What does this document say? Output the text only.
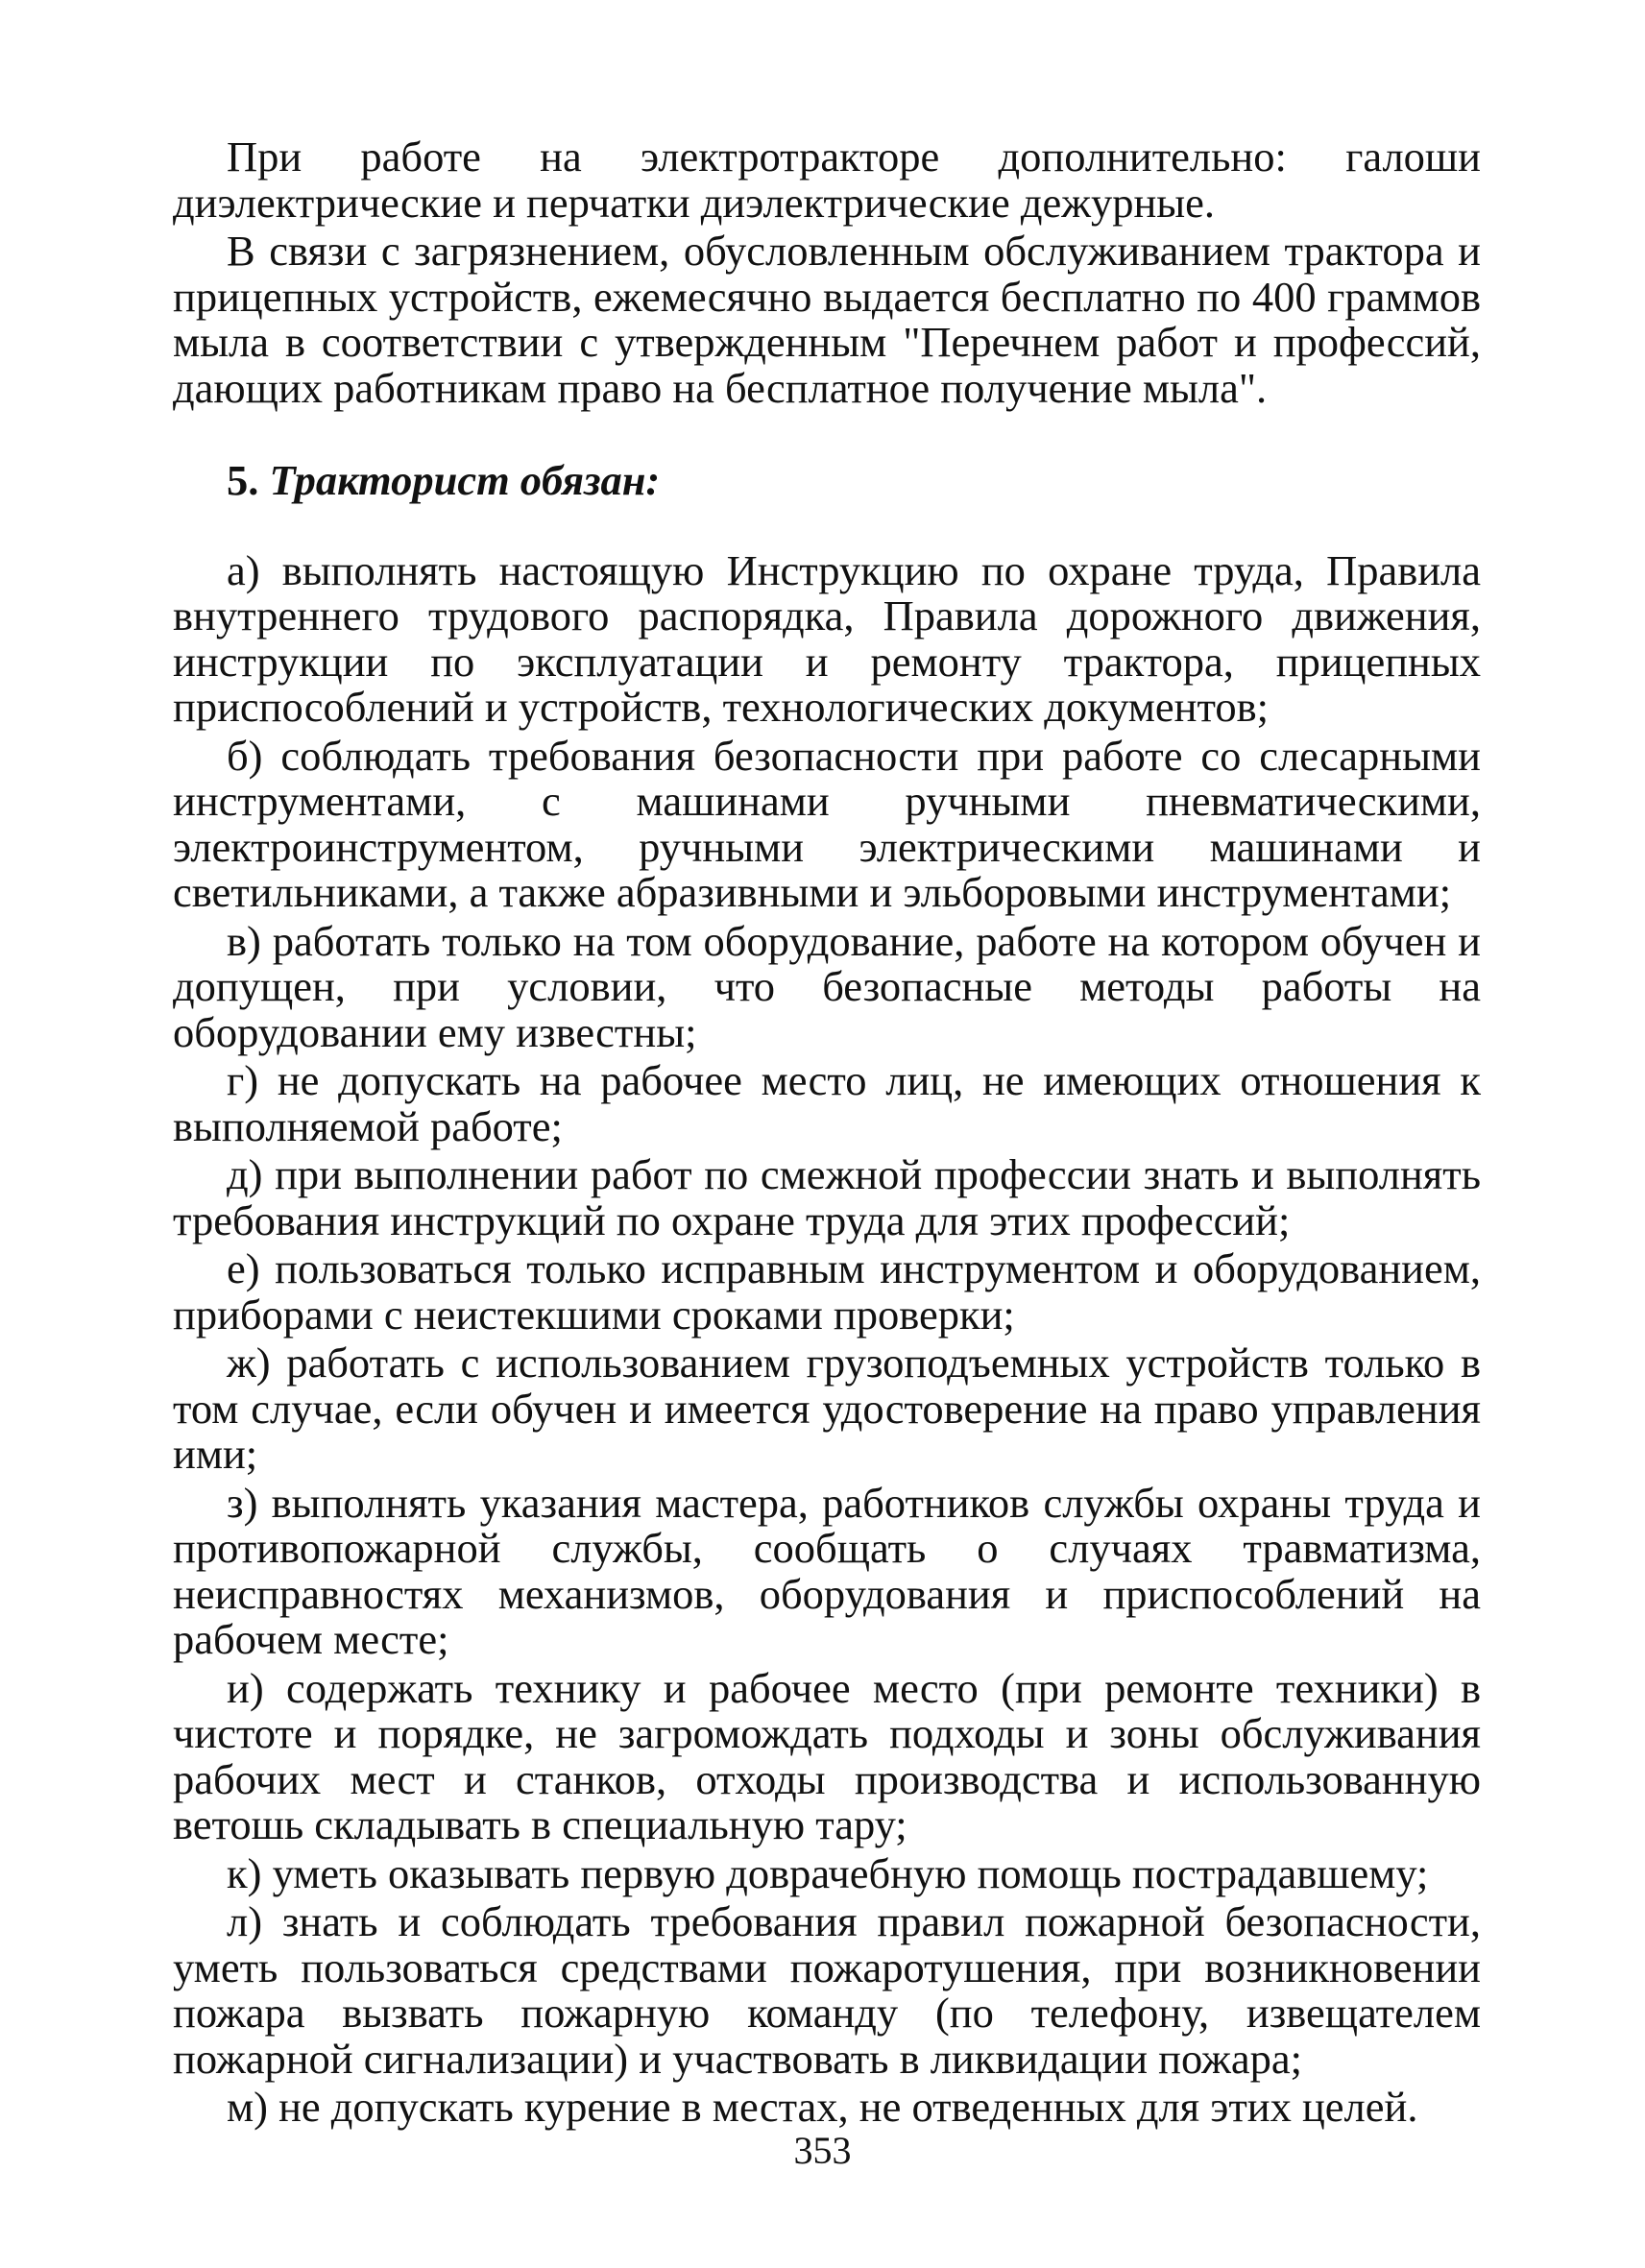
При работе на электротракторе дополнительно: галоши диэлектрические и перчатки диэлектрические дежурные.

В связи с загрязнением, обусловленным обслуживанием трактора и прицепных устройств, ежемесячно выдается бесплатно по 400 граммов мыла в соответствии с утвержденным "Перечнем работ и профессий, дающих работникам право на бесплатное получение мыла".

5. Тракторист обязан:

а) выполнять настоящую Инструкцию по охране труда, Правила внутреннего трудового распорядка, Правила дорожного движения, инструкции по эксплуатации и ремонту трактора, прицепных приспособлений и устройств, технологических документов;

б) соблюдать требования безопасности при работе со слесарными инструментами, с машинами ручными пневматическими, электроинструментом, ручными электрическими машинами и светильниками, а также абразивными и эльборовыми инструментами;

в) работать только на том оборудование, работе на котором обучен и допущен, при условии, что безопасные методы работы на оборудовании ему известны;

г) не допускать на рабочее место лиц, не имеющих отношения к выполняемой работе;

д) при выполнении работ по смежной профессии знать и выполнять требования инструкций по охране труда для этих профессий;

е) пользоваться только исправным инструментом и оборудованием, приборами с неистекшими сроками проверки;

ж) работать с использованием грузоподъемных устройств только в том случае, если обучен и имеется удостоверение на право управления ими;

з) выполнять указания мастера, работников службы охраны труда и противопожарной службы, сообщать о случаях травматизма, неисправностях механизмов, оборудования и приспособлений на рабочем месте;

и) содержать технику и рабочее место (при ремонте техники) в чистоте и порядке, не загромождать подходы и зоны обслуживания рабочих мест и станков, отходы производства и использованную ветошь складывать в специальную тару;

к) уметь оказывать первую доврачебную помощь пострадавшему;

л) знать и соблюдать требования правил пожарной безопасности, уметь пользоваться средствами пожаротушения, при возникновении пожара вызвать пожарную команду (по телефону, извещателем пожарной сигнализации) и участвовать в ликвидации пожара;

м) не допускать курение в местах, не отведенных для этих целей.

353
